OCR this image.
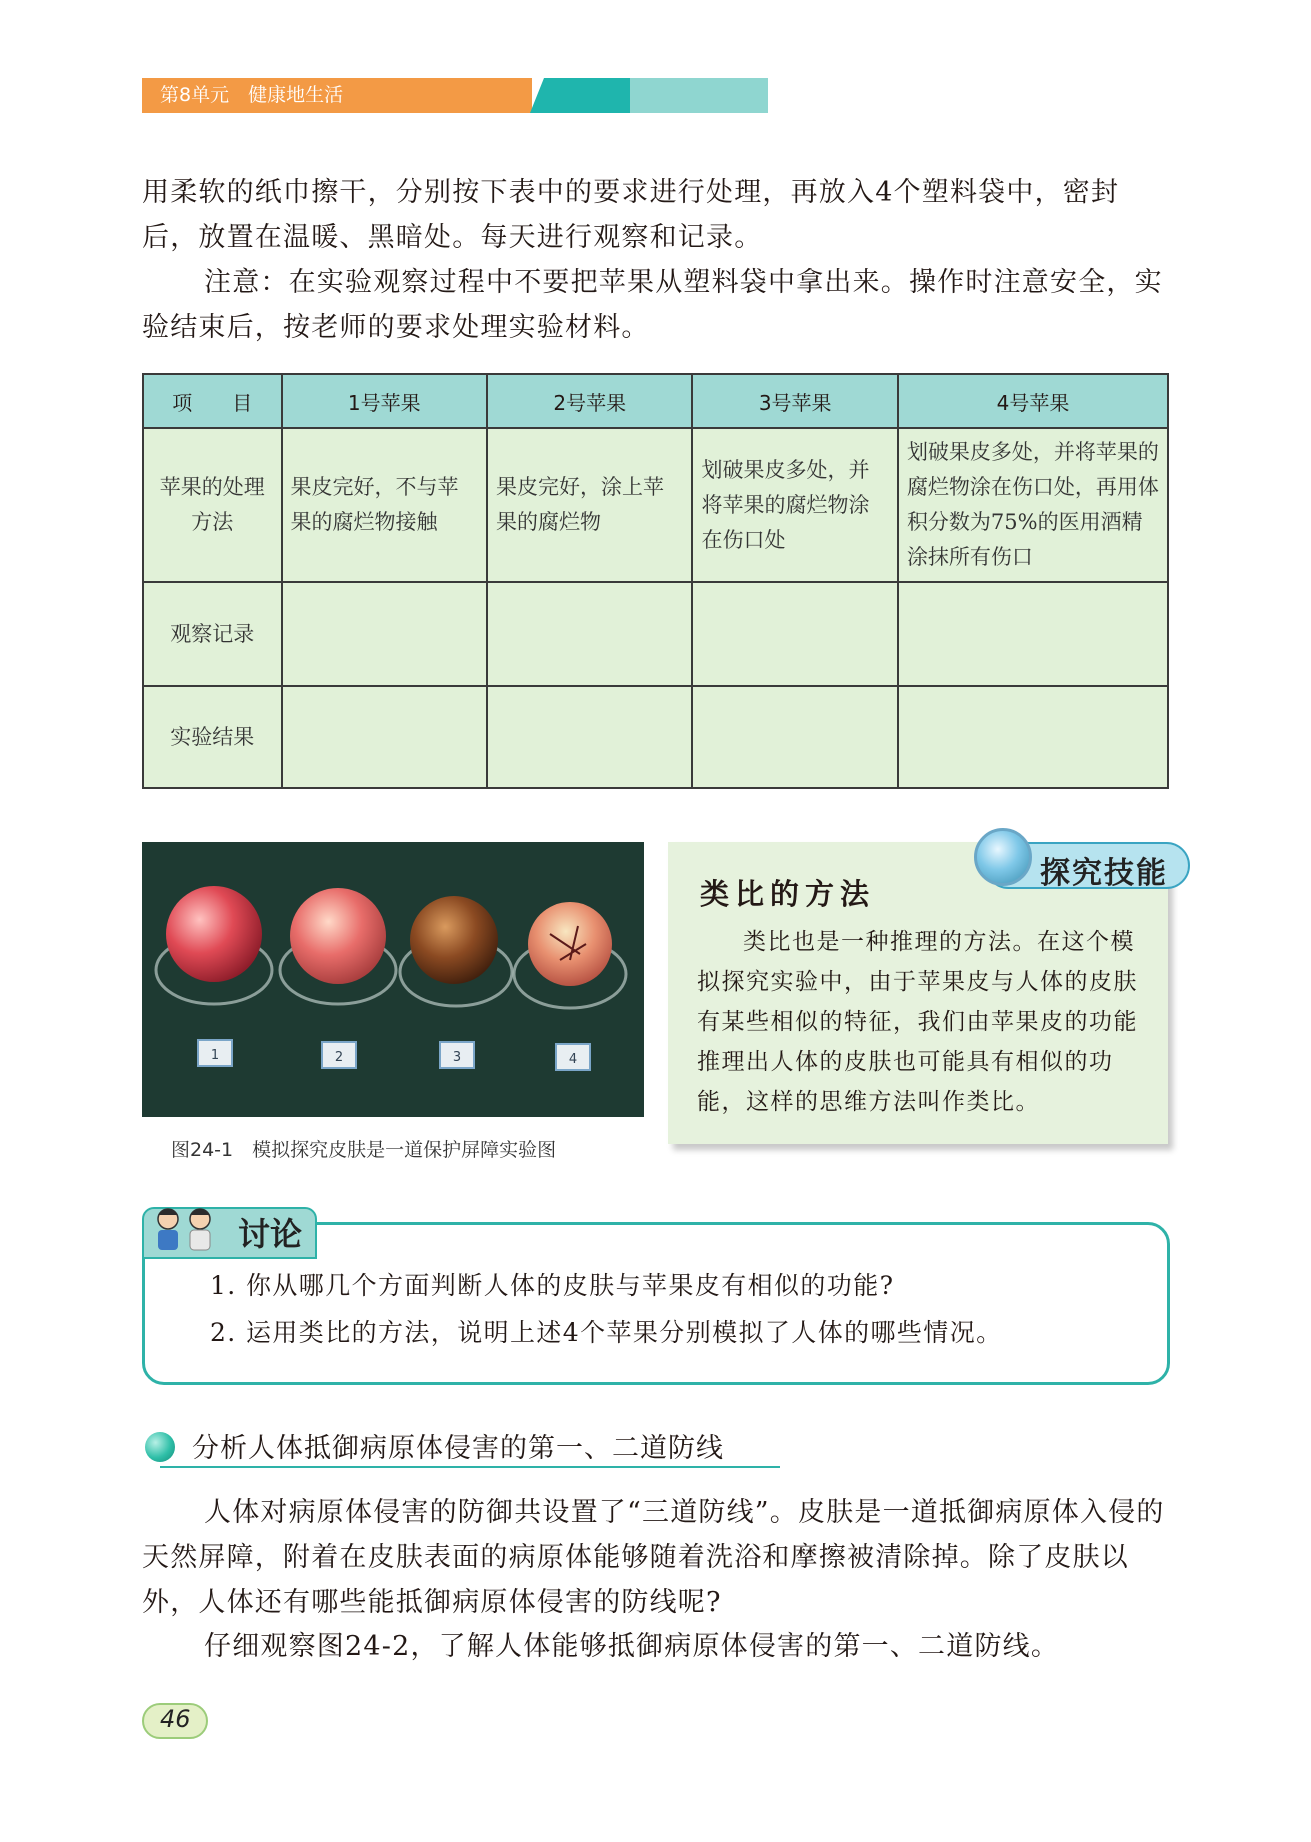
第8单元　 健康地生活
用柔软的纸巾擦干，分别按下表中的要求进行处理，再放入4个塑料袋中，密封后，放置在温暖、黑暗处。每天进行观察和记录。
注意：在实验观察过程中不要把苹果从塑料袋中拿出来。操作时注意安全，实验结束后，按老师的要求处理实验材料。
项　　目	1号苹果	2号苹果	3号苹果	4号苹果
苹果的处理方法	果皮完好，不与苹果的腐烂物接触	果皮完好，涂上苹果的腐烂物	划破果皮多处，并将苹果的腐烂物涂在伤口处	划破果皮多处，并将苹果的腐烂物涂在伤口处，再用体积分数为75%的医用酒精涂抹所有伤口
观察记录				
实验结果				
1	2	3	4
图24-1　模拟探究皮肤是一道保护屏障实验图
类比的方法
类比也是一种推理的方法。在这个模拟探究实验中，由于苹果皮与人体的皮肤有某些相似的特征，我们由苹果皮的功能推理出人体的皮肤也可能具有相似的功能，这样的思维方法叫作类比。
探究技能
讨论
1. 你从哪几个方面判断人体的皮肤与苹果皮有相似的功能?
2. 运用类比的方法，说明上述4个苹果分别模拟了人体的哪些情况。
分析人体抵御病原体侵害的第一、二道防线
人体对病原体侵害的防御共设置了“三道防线”。皮肤是一道抵御病原体入侵的天然屏障，附着在皮肤表面的病原体能够随着洗浴和摩擦被清除掉。除了皮肤以外，人体还有哪些能抵御病原体侵害的防线呢?
仔细观察图24-2，了解人体能够抵御病原体侵害的第一、二道防线。
46
